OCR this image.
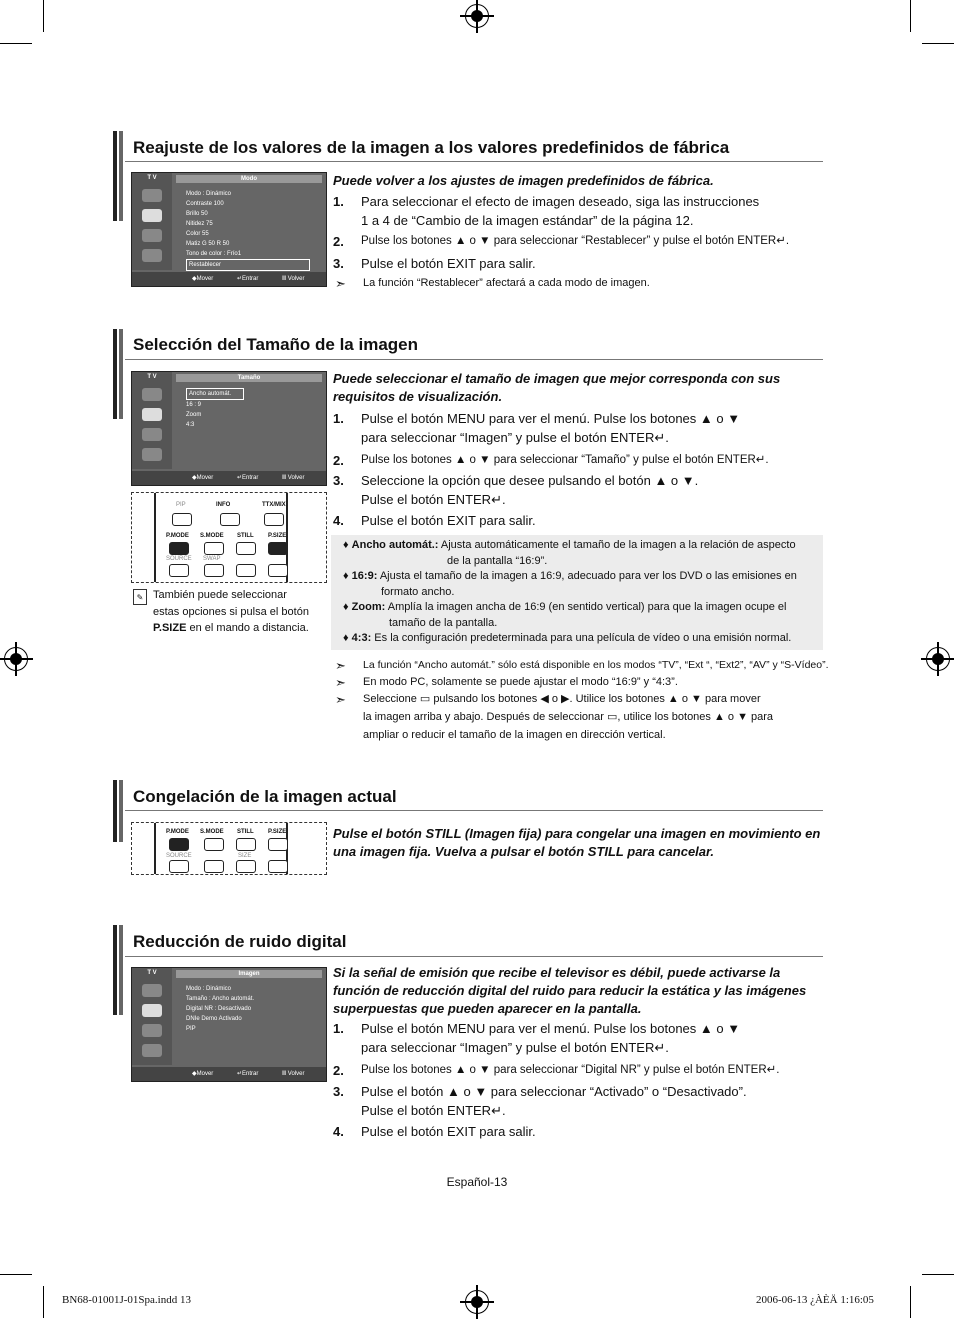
Reajuste de los valores de la imagen a los valores predefinidos de fábrica
T V	Modo
Modo : Dinámico
Contraste 100
Brillo 50
Nitidez 75
Color 55
Matiz G 50 R 50
Tono de color : Frío1
Restablecer
◆Mover	↵Entrar	Ⅲ Volver
Puede volver a los ajustes de imagen predefinidos de fábrica.
1. Para seleccionar el efecto de imagen deseado, siga las instrucciones
1 a 4 de “Cambio de la imagen estándar” de la página 12.
2. Pulse los botones ▲ o ▼ para seleccionar “Restablecer” y pulse el botón ENTER↵.
3. Pulse el botón EXIT para salir.
➣ La función “Restablecer” afectará a cada modo de imagen.
Selección del Tamaño de la imagen
T V	Tamaño
Ancho automát.
16 : 9
Zoom
4:3
◆Mover	↵Entrar	Ⅲ Volver
PIP	INFO	TTX/MIX
P.MODE S.MODE STILL P.SIZE
SOURCE SWAP
✎ También puede seleccionar
estas opciones si pulsa el botón
P.SIZE en el mando a distancia.
Puede seleccionar el tamaño de imagen que mejor corresponda con sus requisitos de visualización.
1. Pulse el botón MENU para ver el menú. Pulse los botones ▲ o ▼
para seleccionar “Imagen” y pulse el botón ENTER↵.
2. Pulse los botones ▲ o ▼ para seleccionar “Tamaño” y pulse el botón ENTER↵.
3. Seleccione la opción que desee pulsando el botón ▲ o ▼.
Pulse el botón ENTER↵.
4. Pulse el botón EXIT para salir.
♦ Ancho automát.: Ajusta automáticamente el tamaño de la imagen a la relación de aspecto
de la pantalla “16:9”.
♦ 16:9: Ajusta el tamaño de la imagen a 16:9, adecuado para ver los DVD o las emisiones en
formato ancho.
♦ Zoom: Amplía la imagen ancha de 16:9 (en sentido vertical) para que la imagen ocupe el
tamaño de la pantalla.
♦ 4:3: Es la configuración predeterminada para una película de vídeo o una emisión normal.
➣ La función “Ancho automát.” sólo está disponible en los modos “TV”, “Ext “, “Ext2”, “AV” y “S-Vídeo”.
➣ En modo PC, solamente se puede ajustar el modo “16:9” y “4:3”.
➣ Seleccione ▭ pulsando los botones ◀ o ▶. Utilice los botones ▲ o ▼ para mover
la imagen arriba y abajo. Después de seleccionar ▭, utilice los botones ▲ o ▼ para
ampliar o reducir el tamaño de la imagen en dirección vertical.
Congelación de la imagen actual
P.MODE S.MODE STILL P.SIZE
SOURCE	SIZE
Pulse el botón STILL (Imagen fija) para congelar una imagen en movimiento en una imagen fija. Vuelva a pulsar el botón STILL para cancelar.
Reducción de ruido digital
T V	Imagen
Modo : Dinámico
Tamaño : Ancho automát.
Digital NR : Desactivado
DNIe Demo Activado
PIP
◆Mover	↵Entrar	Ⅲ Volver
Si la señal de emisión que recibe el televisor es débil, puede activarse la función de reducción digital del ruido para reducir la estática y las imágenes superpuestas que pueden aparecer en la pantalla.
1. Pulse el botón MENU para ver el menú. Pulse los botones ▲ o ▼
para seleccionar “Imagen” y pulse el botón ENTER↵.
2. Pulse los botones ▲ o ▼ para seleccionar “Digital NR” y pulse el botón ENTER↵.
3. Pulse el botón ▲ o ▼ para seleccionar “Activado” o “Desactivado”.
Pulse el botón ENTER↵.
4. Pulse el botón EXIT para salir.
Español-13
BN68-01001J-01Spa.indd 13	2006-06-13 ¿ÀÈÄ 1:16:05
